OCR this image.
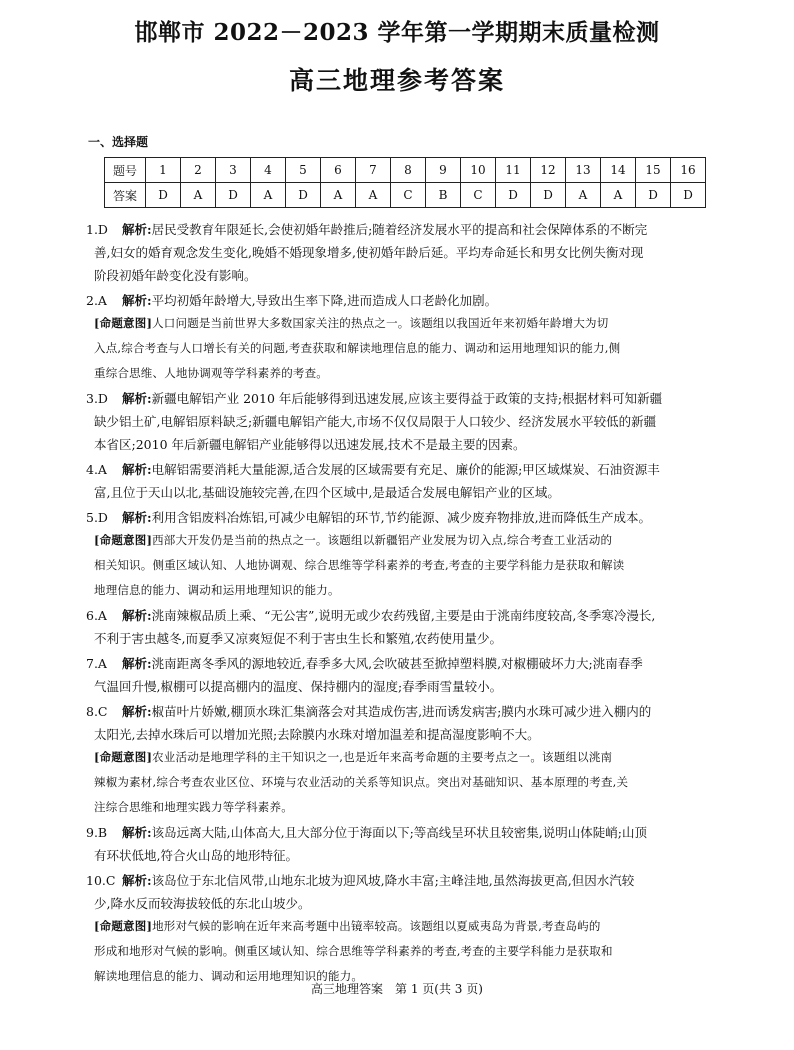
邯郸市 2022－2023 学年第一学期期末质量检测
高三地理参考答案
一、选择题
题号	1	2	3	4	5	6	7	8	9	10	11	12	13	14	15	16
答案	D	A	D	A	D	A	A	C	B	C	D	D	A	A	D	D
1.D 解析:居民受教育年限延长,会使初婚年龄推后;随着经济发展水平的提高和社会保障体系的不断完
善,妇女的婚育观念发生变化,晚婚不婚现象增多,使初婚年龄后延。平均寿命延长和男女比例失衡对现
阶段初婚年龄变化没有影响。
2.A 解析:平均初婚年龄增大,导致出生率下降,进而造成人口老龄化加剧。
[命题意图]人口问题是当前世界大多数国家关注的热点之一。该题组以我国近年来初婚年龄增大为切
入点,综合考查与人口增长有关的问题,考查获取和解读地理信息的能力、调动和运用地理知识的能力,侧
重综合思维、人地协调观等学科素养的考查。
3.D 解析:新疆电解铝产业 2010 年后能够得到迅速发展,应该主要得益于政策的支持;根据材料可知新疆
缺少铝土矿,电解铝原料缺乏;新疆电解铝产能大,市场不仅仅局限于人口较少、经济发展水平较低的新疆
本省区;2010 年后新疆电解铝产业能够得以迅速发展,技术不是最主要的因素。
4.A 解析:电解铝需要消耗大量能源,适合发展的区域需要有充足、廉价的能源;甲区域煤炭、石油资源丰
富,且位于天山以北,基础设施较完善,在四个区域中,是最适合发展电解铝产业的区域。
5.D 解析:利用含铝废料冶炼铝,可减少电解铝的环节,节约能源、减少废弃物排放,进而降低生产成本。
[命题意图]西部大开发仍是当前的热点之一。该题组以新疆铝产业发展为切入点,综合考查工业活动的
相关知识。侧重区域认知、人地协调观、综合思维等学科素养的考查,考查的主要学科能力是获取和解读
地理信息的能力、调动和运用地理知识的能力。
6.A 解析:洮南辣椒品质上乘、“无公害”,说明无或少农药残留,主要是由于洮南纬度较高,冬季寒冷漫长,
不利于害虫越冬,而夏季又凉爽短促不利于害虫生长和繁殖,农药使用量少。
7.A 解析:洮南距离冬季风的源地较近,春季多大风,会吹破甚至掀掉塑料膜,对椒棚破坏力大;洮南春季
气温回升慢,椒棚可以提高棚内的温度、保持棚内的湿度;春季雨雪量较小。
8.C 解析:椒苗叶片娇嫩,棚顶水珠汇集滴落会对其造成伤害,进而诱发病害;膜内水珠可减少进入棚内的
太阳光,去掉水珠后可以增加光照;去除膜内水珠对增加温差和提高湿度影响不大。
[命题意图]农业活动是地理学科的主干知识之一,也是近年来高考命题的主要考点之一。该题组以洮南
辣椒为素材,综合考查农业区位、环境与农业活动的关系等知识点。突出对基础知识、基本原理的考查,关
注综合思维和地理实践力等学科素养。
9.B 解析:该岛远离大陆,山体高大,且大部分位于海面以下;等高线呈环状且较密集,说明山体陡峭;山顶
有环状低地,符合火山岛的地形特征。
10.C 解析:该岛位于东北信风带,山地东北坡为迎风坡,降水丰富;主峰洼地,虽然海拔更高,但因水汽较
少,降水反而较海拔较低的东北山坡少。
[命题意图]地形对气候的影响在近年来高考题中出镜率较高。该题组以夏威夷岛为背景,考查岛屿的
形成和地形对气候的影响。侧重区域认知、综合思维等学科素养的考查,考查的主要学科能力是获取和
解读地理信息的能力、调动和运用地理知识的能力。
高三地理答案　第 1 页(共 3 页)
